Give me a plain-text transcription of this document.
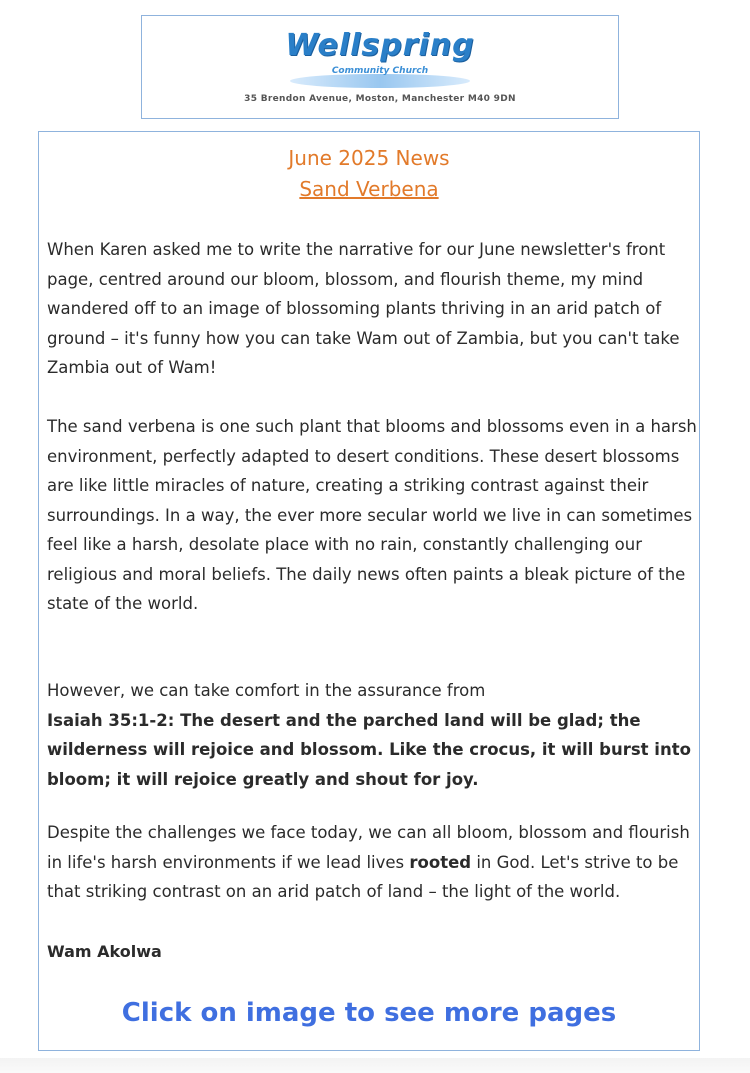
Wellspring
Community Church
35 Brendon Avenue, Moston, Manchester M40 9DN
June 2025 News
Sand Verbena

When Karen asked me to write the narrative for our June newsletter's front page, centred around our bloom, blossom, and flourish theme, my mind wandered off to an image of blossoming plants thriving in an arid patch of ground – it's funny how you can take Wam out of Zambia, but you can't take Zambia out of Wam!

The sand verbena is one such plant that blooms and blossoms even in a harsh environment, perfectly adapted to desert conditions. These desert blossoms are like little miracles of nature, creating a striking contrast against their surroundings. In a way, the ever more secular world we live in can sometimes feel like a harsh, desolate place with no rain, constantly challenging our religious and moral beliefs. The daily news often paints a bleak picture of the state of the world.

However, we can take comfort in the assurance from
Isaiah 35:1-2: The desert and the parched land will be glad; the wilderness will rejoice and blossom. Like the crocus, it will burst into bloom; it will rejoice greatly and shout for joy.

Despite the challenges we face today, we can all bloom, blossom and flourish in life's harsh environments if we lead lives rooted in God. Let's strive to be that striking contrast on an arid patch of land – the light of the world.

Wam Akolwa
Click on image to see more pages
